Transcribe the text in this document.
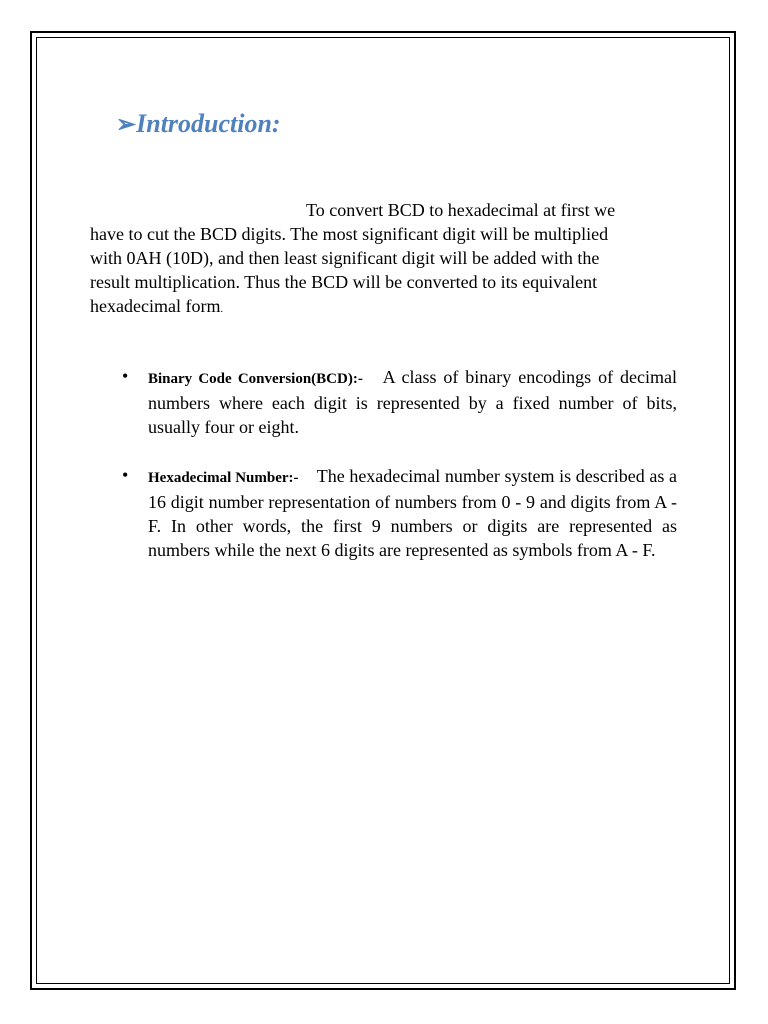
➢Introduction:
To convert BCD to hexadecimal at first we
have to cut the BCD digits. The most significant digit will be multiplied
with 0AH (10D), and then least significant digit will be added with the
result multiplication. Thus the BCD will be converted to its equivalent
hexadecimal form.
• Binary Code Conversion(BCD):- A class of binary encodings of decimal numbers where each digit is represented by a fixed number of bits, usually four or eight.
• Hexadecimal Number:- The hexadecimal number system is described as a 16 digit number representation of numbers from 0 - 9 and digits from A - F. In other words, the first 9 numbers or digits are represented as numbers while the next 6 digits are represented as symbols from A - F.
